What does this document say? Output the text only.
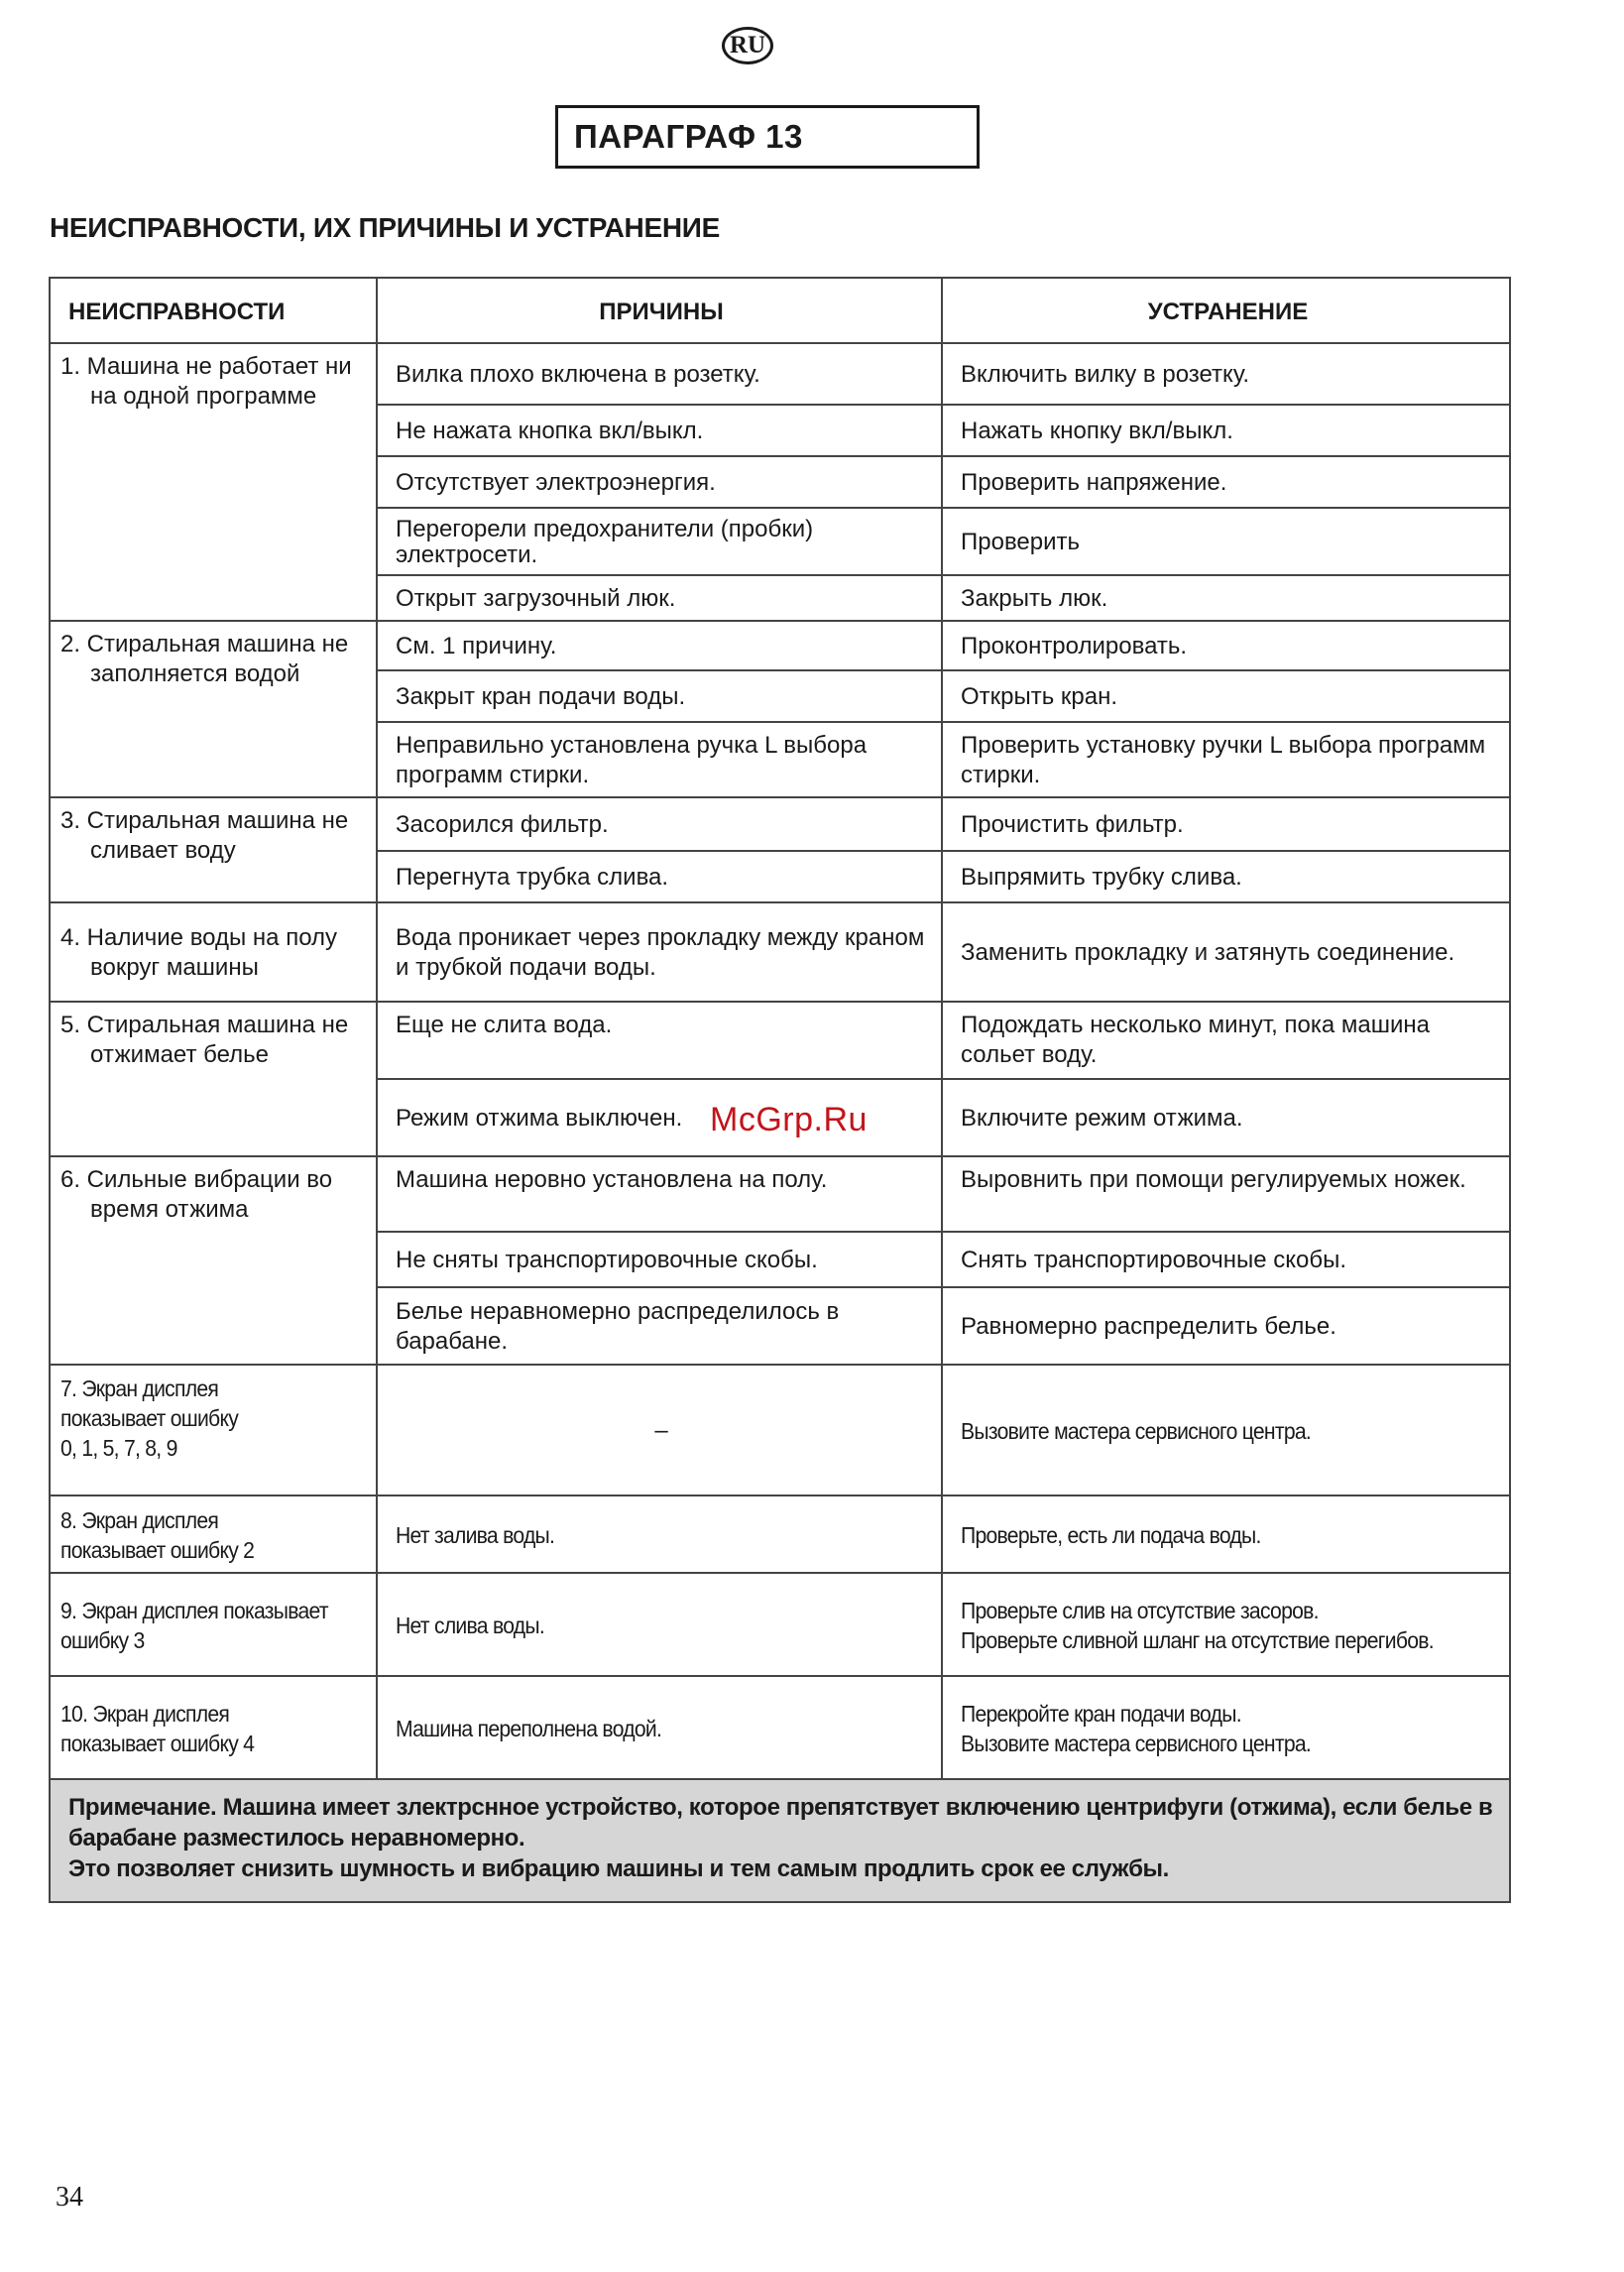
RU
ПАРАГРАФ 13
НЕИСПРАВНОСТИ, ИХ ПРИЧИНЫ И УСТРАНЕНИЕ
НЕИСПРАВНОСТИ	ПРИЧИНЫ	УСТРАНЕНИЕ

1. Машина не работает ни на одной программе	Вилка плохо включена в розетку.	Включить вилку в розетку.
	Не нажата кнопка вкл/выкл.	Нажать кнопку вкл/выкл.
	Отсутствует электроэнергия.	Проверить напряжение.
	Перегорели предохранители (пробки) электросети.	Проверить
	Открыт загрузочный люк.	Закрыть люк.

2. Стиральная машина не заполняется водой	См. 1 причину.	Проконтролировать.
	Закрыт кран подачи воды.	Открыть кран.
	Неправильно установлена ручка L выбора программ стирки.	Проверить установку ручки L выбора программ стирки.

3. Стиральная машина не сливает воду	Засорился фильтр.	Прочистить фильтр.
	Перегнута трубка слива.	Выпрямить трубку слива.

4. Наличие воды на полу вокруг машины	Вода проникает через прокладку между краном и трубкой подачи воды.	Заменить прокладку и затянуть соединение.

5. Стиральная машина не отжимает белье	Еще не слита вода.	Подождать несколько минут, пока машина сольет воду.
	Режим отжима выключен.	Включите режим отжима.

6. Сильные вибрации во время отжима	Машина неровно установлена на полу.	Выровнить при помощи регулируемых ножек.
	Не сняты транспортировочные скобы.	Снять транспортировочные скобы.
	Белье неравномерно распределилось в барабане.	Равномерно распределить белье.

7. Экран дисплея
показывает ошибку
0, 1, 5, 7, 8, 9	–	Вызовите мастера сервисного центра.

8. Экран дисплея
показывает ошибку 2	Нет залива воды.	Проверьте, есть ли подача воды.

9. Экран дисплея показывает
ошибку 3	Нет слива воды.	Проверьте слив на отсутствие засоров.
Проверьте сливной шланг на отсутствие перегибов.

10. Экран дисплея
показывает ошибку 4	Машина переполнена водой.	Перекройте кран подачи воды.
Вызовите мастера сервисного центра.

Примечание. Машина имеет злектрснное устройство, которое препятствует включению центрифуги (отжима), если белье в барабане разместилось неравномерно.
Это позволяет снизить шумность и вибрацию машины и тем самым продлить срок ее службы.		
McGrp.Ru
34
